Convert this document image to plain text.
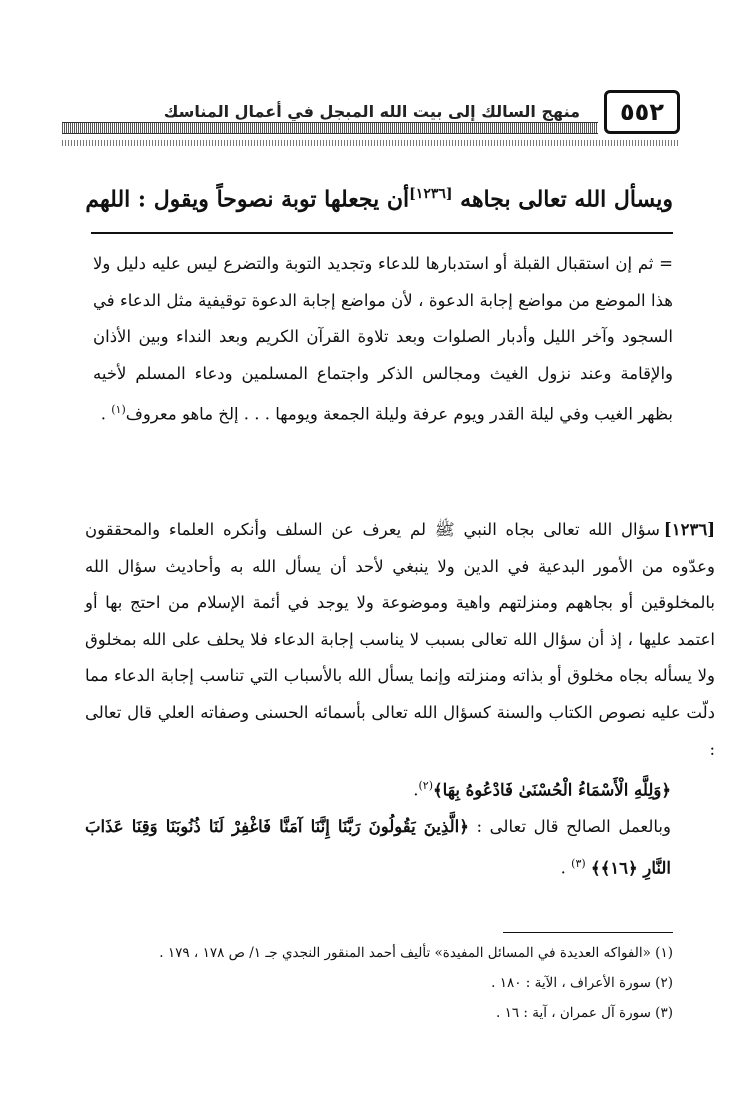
٥٥٢
منهج السالك إلى بيت الله المبجل في أعمال المناسك
ويسأل الله تعالى بجاهه [١٢٣٦]أن يجعلها توبة نصوحاً ويقول : اللهم

= ثم إن استقبال القبلة أو استدبارها للدعاء وتجديد التوبة والتضرع ليس عليه دليل ولا هذا الموضع من مواضع إجابة الدعوة ، لأن مواضع إجابة الدعوة توقيفية مثل الدعاء في السجود وآخر الليل وأدبار الصلوات وبعد تلاوة القرآن الكريم وبعد النداء وبين الأذان والإقامة وعند نزول الغيث ومجالس الذكر واجتماع المسلمين ودعاء المسلم لأخيه بظهر الغيب وفي ليلة القدر ويوم عرفة وليلة الجمعة ويومها . . . إلخ ماهو معروف$^{(١)}$ .

[١٢٣٦]سؤال الله تعالى بجاه النبي ﷺ لم يعرف عن السلف وأنكره العلماء والمحققون وعدّوه من الأمور البدعية في الدين ولا ينبغي لأحد أن يسأل الله به وأحاديث سؤال الله بالمخلوقين أو بجاههم ومنزلتهم واهية وموضوعة ولا يوجد في أئمة الإسلام من احتج بها أو اعتمد عليها ، إذ أن سؤال الله تعالى بسبب لا يناسب إجابة الدعاء فلا يحلف على الله بمخلوق ولا يسأله بجاه مخلوق أو بذاته ومنزلته وإنما يسأل الله بالأسباب التي تناسب إجابة الدعاء مما دلّت عليه نصوص الكتاب والسنة كسؤال الله تعالى بأسمائه الحسنى وصفاته العلي قال تعالى :
﴿وَلِلَّهِ الْأَسْمَاءُ الْحُسْنَىٰ فَادْعُوهُ بِهَا﴾$^{(٢)}$.
وبالعمل الصالح قال تعالى : ﴿الَّذِينَ يَقُولُونَ رَبَّنَا إِنَّنَا آمَنَّا فَاغْفِرْ لَنَا ذُنُوبَنَا وَقِنَا عَذَابَ النَّارِ ﴿١٦﴾﴾ $^{(٣)}$ .

(١) «الفواكه العديدة في المسائل المفيدة» تأليف أحمد المنقور النجدي جـ ١/ ص ١٧٨ ، ١٧٩ .
(٢) سورة الأعراف ، الآية : ١٨٠ .
(٣) سورة آل عمران ، آية : ١٦ .
